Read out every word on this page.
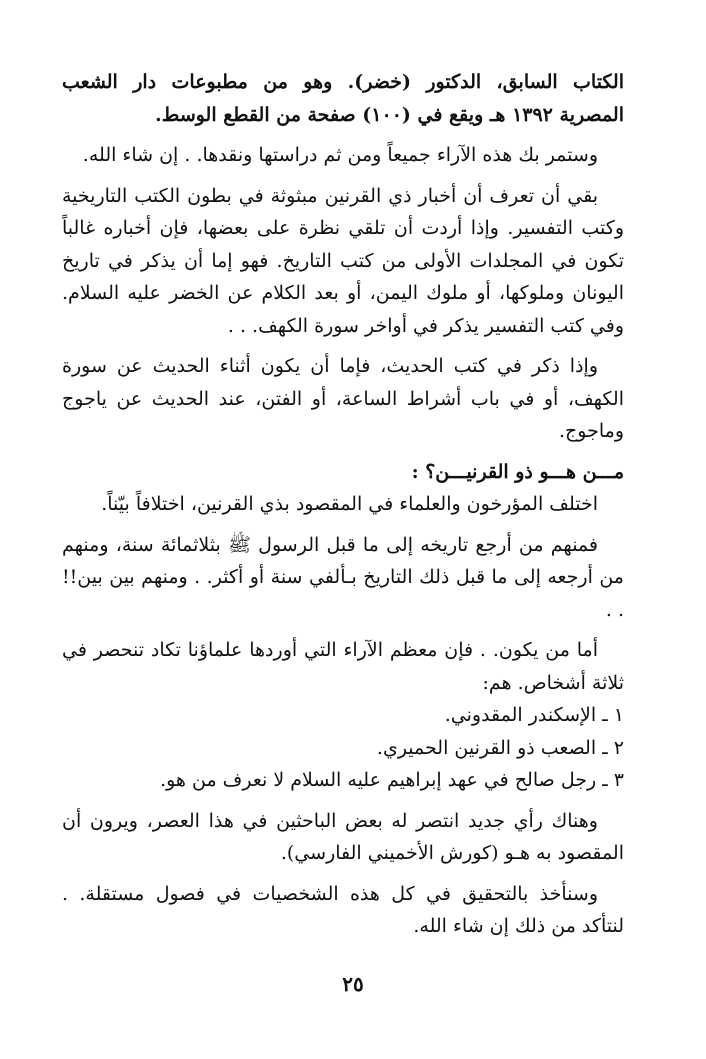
الكتاب السابق، الدكتور (خضر). وهو من مطبوعات دار الشعب المصرية ١٣٩٢ هـ ويقع في (١٠٠) صفحة من القطع الوسط.

وستمر بك هذه الآراء جميعاً ومن ثم دراستها ونقدها. . إن شاء الله.

بقي أن تعرف أن أخبار ذي القرنين مبثوثة في بطون الكتب التاريخية وكتب التفسير. وإذا أردت أن تلقي نظرة على بعضها، فإن أخباره غالباً تكون في المجلدات الأولى من كتب التاريخ. فهو إما أن يذكر في تاريخ اليونان وملوكها، أو ملوك اليمن، أو بعد الكلام عن الخضر عليه السلام. وفي كتب التفسير يذكر في أواخر سورة الكهف. . .

وإذا ذكر في كتب الحديث، فإما أن يكون أثناء الحديث عن سورة الكهف، أو في باب أشراط الساعة، أو الفتن، عند الحديث عن ياجوج وماجوج.

مـــن هـــو ذو القرنيـــن؟ :

اختلف المؤرخون والعلماء في المقصود بذي القرنين، اختلافاً بيّناً.

فمنهم من أرجع تاريخه إلى ما قبل الرسول ﷺ بثلاثمائة سنة، ومنهم من أرجعه إلى ما قبل ذلك التاريخ بـألفي سنة أو أكثر. . ومنهم بين بين!! . .

أما من يكون. . فإن معظم الآراء التي أوردها علماؤنا تكاد تنحصر في ثلاثة أشخاص. هم:

١ ـ الإسكندر المقدوني.
٢ ـ الصعب ذو القرنين الحميري.
٣ ـ رجل صالح في عهد إبراهيم عليه السلام لا نعرف من هو.

وهناك رأي جديد انتصر له بعض الباحثين في هذا العصر، ويرون أن المقصود به هـو (كورش الأخميني الفارسي).

وسنأخذ بالتحقيق في كل هذه الشخصيات في فصول مستقلة. . لنتأكد من ذلك إن شاء الله.

٢٥
